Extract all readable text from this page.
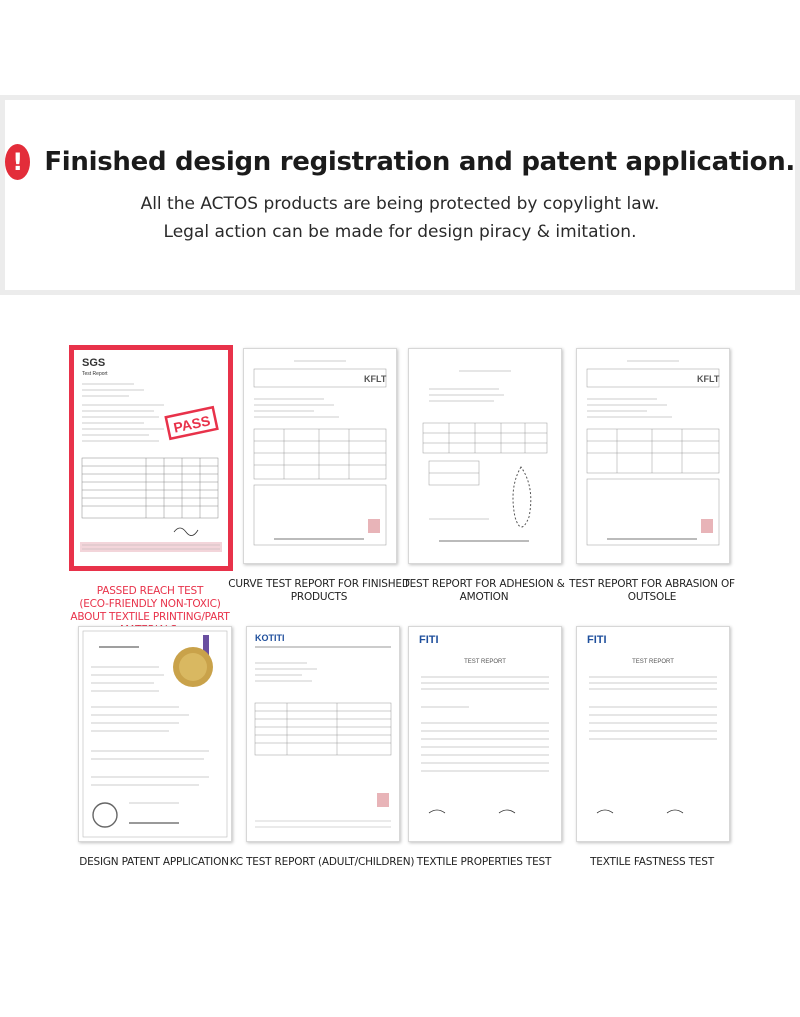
! Finished design registration and patent application.
All the ACTOS products are being protected by copylight law.
Legal action can be made for design piracy & imitation.
SGS
Test Report
PASS
PASSED REACH TEST
(ECO-FRIENDLY NON-TOXIC)
ABOUT TEXTILE PRINTING/PART
KFLT
CURVE TEST REPORT FOR FINISHED PRODUCTS
TEST REPORT FOR ADHESION & AMOTION
KFLT
TEST REPORT FOR ABRASION OF OUTSOLE
DESIGN PATENT APPLICATION
KOTITI
KC TEST REPORT (ADULT/CHILDREN)
FITI
TEST REPORT
TEXTILE PROPERTIES TEST
FITI
TEST REPORT
TEXTILE FASTNESS TEST
